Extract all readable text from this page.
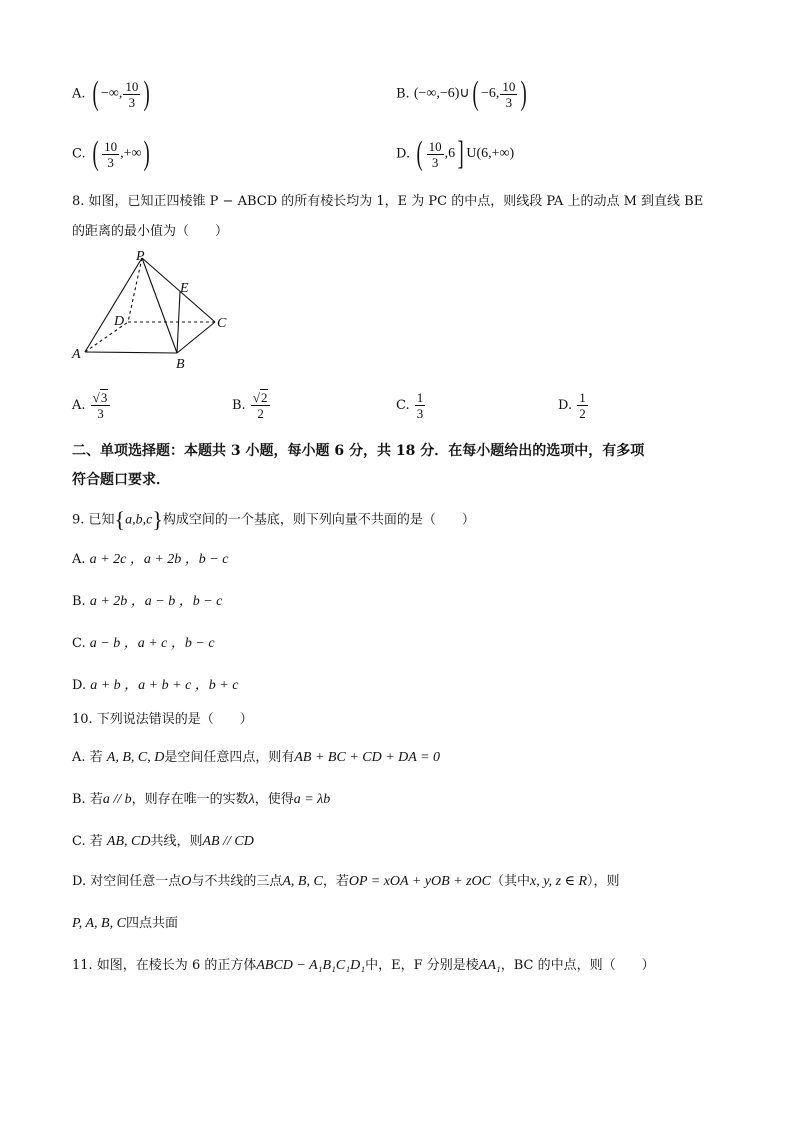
A. ( −∞, $\frac{10}{3}$ )	B. (−∞,−6)∪( −6, $\frac{10}{3}$ )
C. ( $\frac{10}{3}$ ,+∞)	D. ( $\frac{10}{3} ,6$] U(6,+∞)
8. 如图，已知正四棱锥 P − ABCD 的所有棱长均为 1，E 为 PC 的中点，则线段 PA 上的动点 M 到直线 BE
的距离的最小值为（　　）
P
E
D	C
A
B
A. $\frac{√3}{3}$	B. $\frac{√2}{2}$	C. $\frac{1}{3}$	D. $\frac{1}{2}$
二、单项选择题：本题共 3 小题，每小题 6 分，共 18 分．在每小题给出的选项中，有多项
符合题口要求．
9. 已知{a,b,c}构成空间的一个基底，则下列向量不共面的是（　　）
A. a + 2c ，a + 2b ，b − c
B. a + 2b ，a − b ，b − c
C. a − b ，a + c ，b − c
D. a + b ，a + b + c ，b + c
10. 下列说法错误的是（　　）
A. 若 A, B, C, D是空间任意四点，则有AB + BC + CD + DA = 0
B. 若a // b，则存在唯一的实数λ，使得a = λb
C. 若 AB, CD共线，则AB // CD
D. 对空间任意一点O与不共线的三点A, B, C，若OP = xOA + yOB + zOC（其中x, y, z ∈ R），则
P, A, B, C四点共面
11. 如图，在棱长为 6 的正方体ABCD − A₁B₁C₁D₁中，E，F 分别是棱AA₁，BC 的中点，则（　　）
